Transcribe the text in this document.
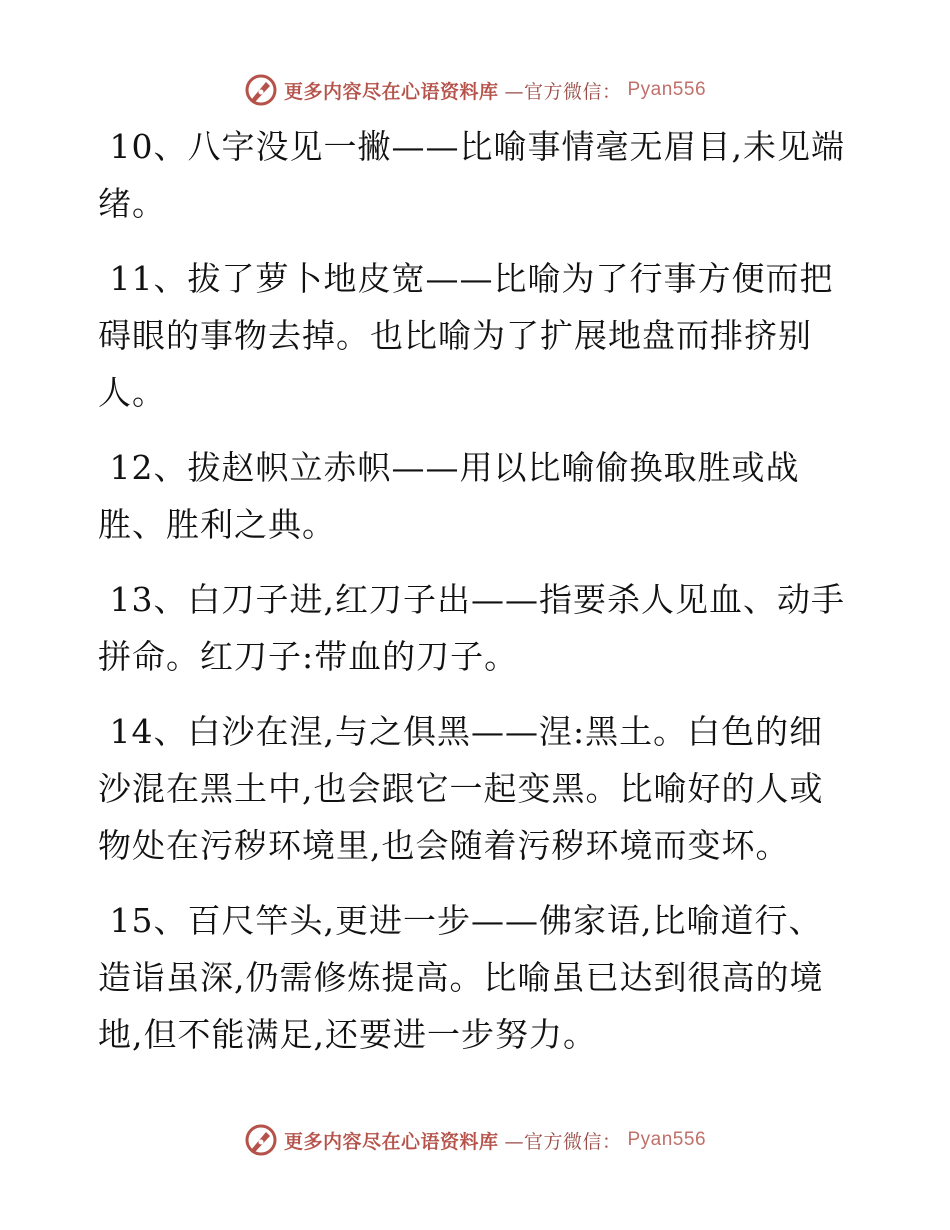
更多内容尽在心语资料库 —官方微信： Pyan556
10、八字没见一撇——比喻事情毫无眉目,未见端
绪。
11、拔了萝卜地皮宽——比喻为了行事方便而把
碍眼的事物去掉。也比喻为了扩展地盘而排挤别
人。
12、拔赵帜立赤帜——用以比喻偷换取胜或战
胜、胜利之典。
13、白刀子进,红刀子出——指要杀人见血、动手
拼命。红刀子:带血的刀子。
14、白沙在涅,与之俱黑——涅:黑土。白色的细
沙混在黑土中,也会跟它一起变黑。比喻好的人或
物处在污秽环境里,也会随着污秽环境而变坏。
15、百尺竿头,更进一步——佛家语,比喻道行、
造诣虽深,仍需修炼提高。比喻虽已达到很高的境
地,但不能满足,还要进一步努力。
更多内容尽在心语资料库 —官方微信： Pyan556
